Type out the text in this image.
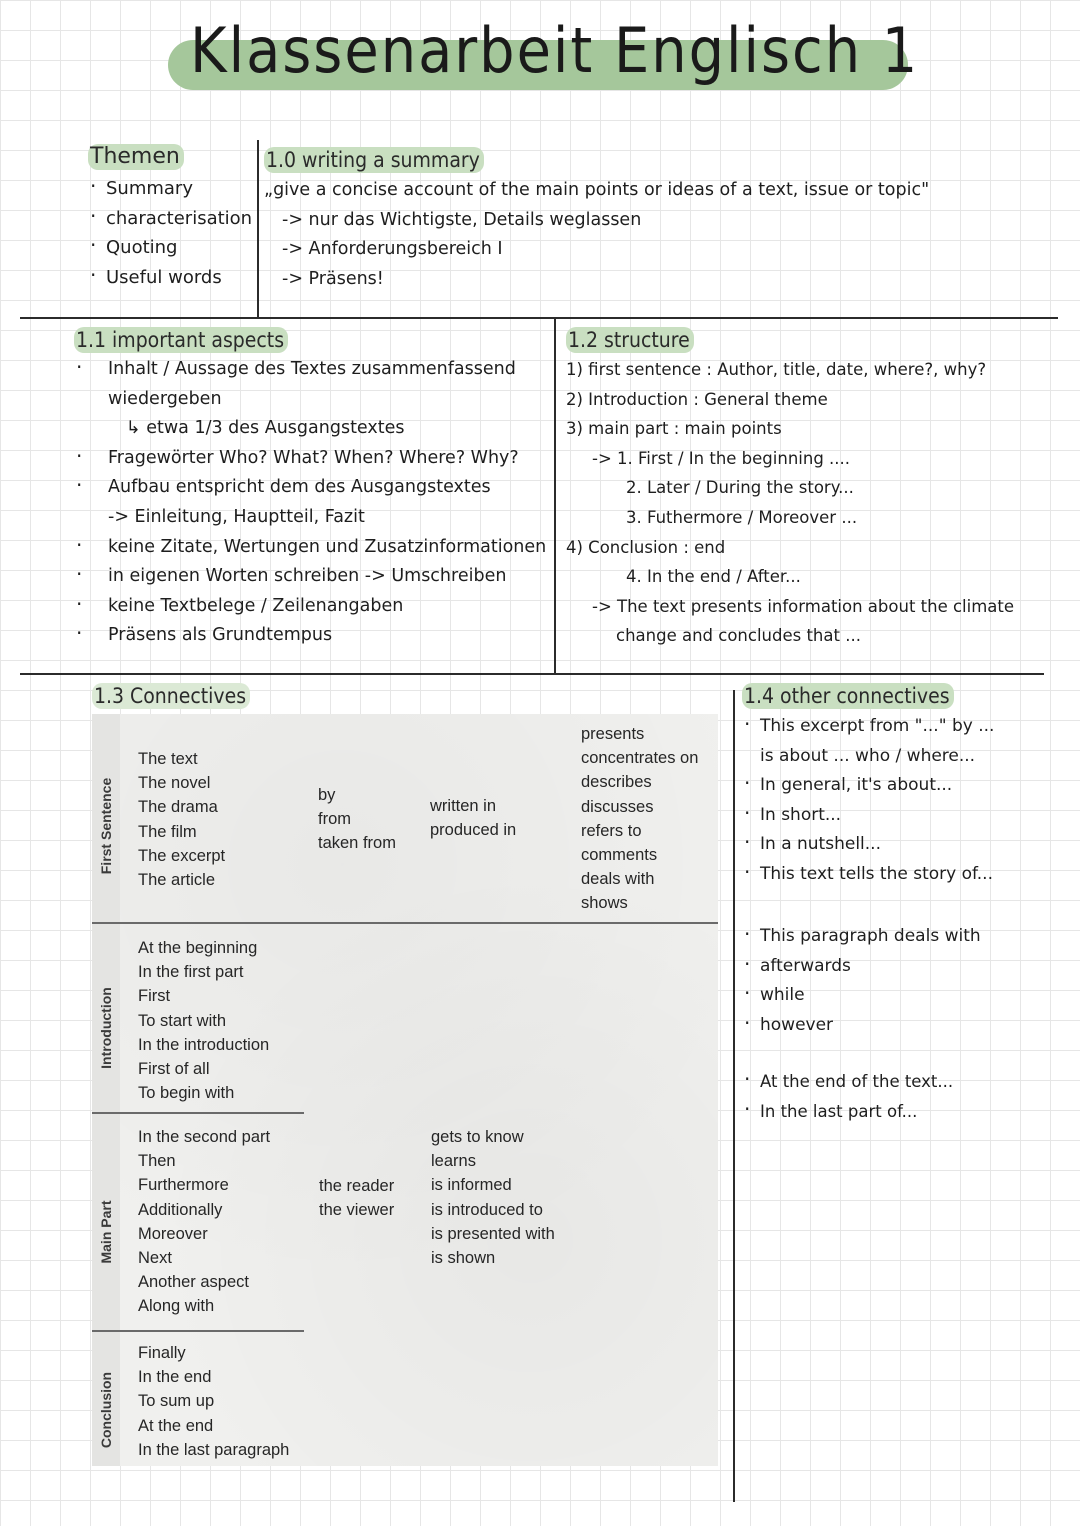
Klassenarbeit Englisch 1
Themen
· Summary
· characterisation
· Quoting
· Useful words
1.0 writing a summary
„give a concise account of the main points or ideas of a text, issue or topic"
-> nur das Wichtigste, Details weglassen
-> Anforderungsbereich I
-> Präsens!
1.1 important aspects
· Inhalt / Aussage des Textes zusammenfassend
wiedergeben
↳ etwa 1/3 des Ausgangstextes
· Fragewörter Who? What? When? Where? Why?
· Aufbau entspricht dem des Ausgangstextes
-> Einleitung, Hauptteil, Fazit
· keine Zitate, Wertungen und Zusatzinformationen
· in eigenen Worten schreiben -> Umschreiben
· keine Textbelege / Zeilenangaben
· Präsens als Grundtempus
1.2 structure
1) first sentence : Author, title, date, where?, why?
2) Introduction : General theme
3) main part : main points
-> 1. First / In the beginning ....
2. Later / During the story...
3. Futhermore / Moreover ...
4) Conclusion : end
4. In the end / After...
-> The text presents information about the climate
change and concludes that ...
1.3 Connectives
First Sentence
The text
The novel
The drama
The film
The excerpt
The article
by
from
taken from
written in
produced in
presents
concentrates on
describes
discusses
refers to
comments
deals with
shows
Introduction
At the beginning
In the first part
First
To start with
In the introduction
First of all
To begin with
Main Part
In the second part
Then
Furthermore
Additionally
Moreover
Next
Another aspect
Along with
the reader
the viewer
gets to know
learns
is informed
is introduced to
is presented with
is shown
Conclusion
Finally
In the end
To sum up
At the end
In the last paragraph
1.4 other connectives
· This excerpt from "..." by ...
is about ... who / where...
· In general, it's about...
· In short...
· In a nutshell...
· This text tells the story of...
· This paragraph deals with
· afterwards
· while
· however
· At the end of the text...
· In the last part of...
